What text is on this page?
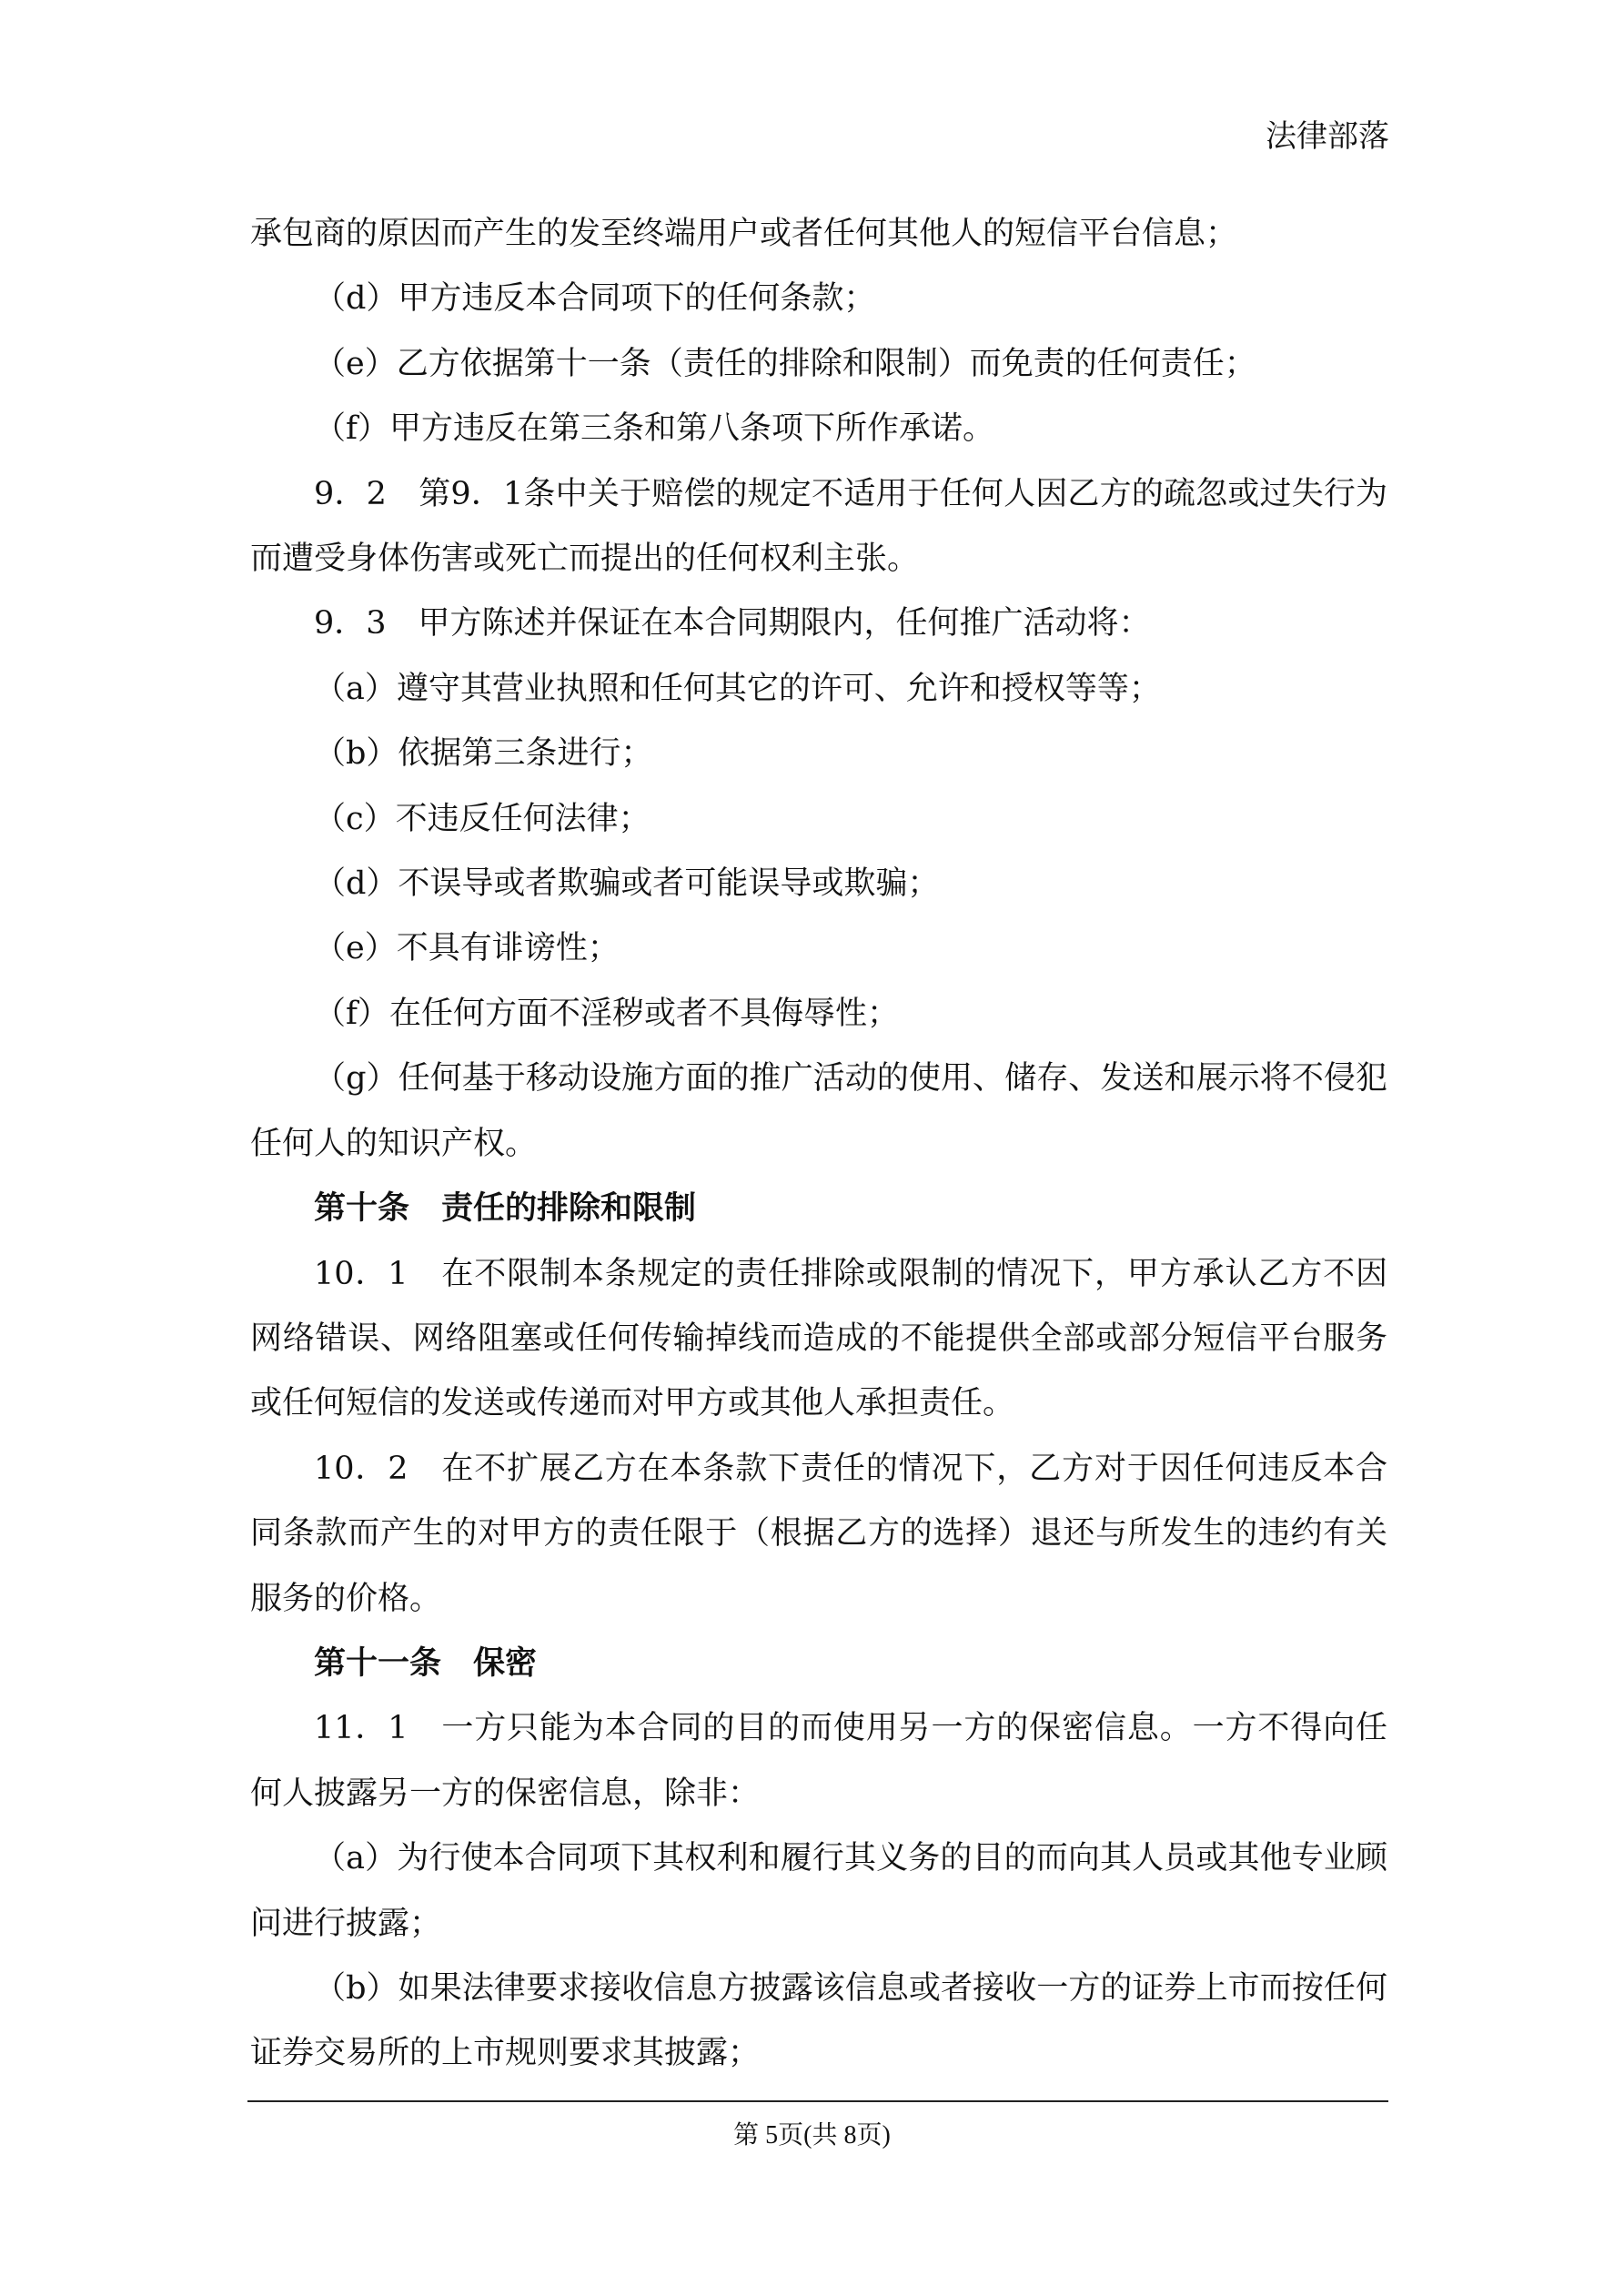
法律部落

承包商的原因而产生的发至终端用户或者任何其他人的短信平台信息；

（d）甲方违反本合同项下的任何条款；

（e）乙方依据第十一条（责任的排除和限制）而免责的任何责任；

（f）甲方违反在第三条和第八条项下所作承诺。

9．2　第9．1条中关于赔偿的规定不适用于任何人因乙方的疏忽或过失行为而遭受身体伤害或死亡而提出的任何权利主张。

9．3　甲方陈述并保证在本合同期限内，任何推广活动将：

（a）遵守其营业执照和任何其它的许可、允许和授权等等；

（b）依据第三条进行；

（c）不违反任何法律；

（d）不误导或者欺骗或者可能误导或欺骗；

（e）不具有诽谤性；

（f）在任何方面不淫秽或者不具侮辱性；

（g）任何基于移动设施方面的推广活动的使用、储存、发送和展示将不侵犯任何人的知识产权。

第十条　责任的排除和限制

10．1　在不限制本条规定的责任排除或限制的情况下，甲方承认乙方不因网络错误、网络阻塞或任何传输掉线而造成的不能提供全部或部分短信平台服务或任何短信的发送或传递而对甲方或其他人承担责任。

10．2　在不扩展乙方在本条款下责任的情况下，乙方对于因任何违反本合同条款而产生的对甲方的责任限于（根据乙方的选择）退还与所发生的违约有关服务的价格。

第十一条　保密

11．1　一方只能为本合同的目的而使用另一方的保密信息。一方不得向任何人披露另一方的保密信息，除非：

（a）为行使本合同项下其权利和履行其义务的目的而向其人员或其他专业顾问进行披露；

（b）如果法律要求接收信息方披露该信息或者接收一方的证券上市而按任何证券交易所的上市规则要求其披露；

第 5页(共 8页)
